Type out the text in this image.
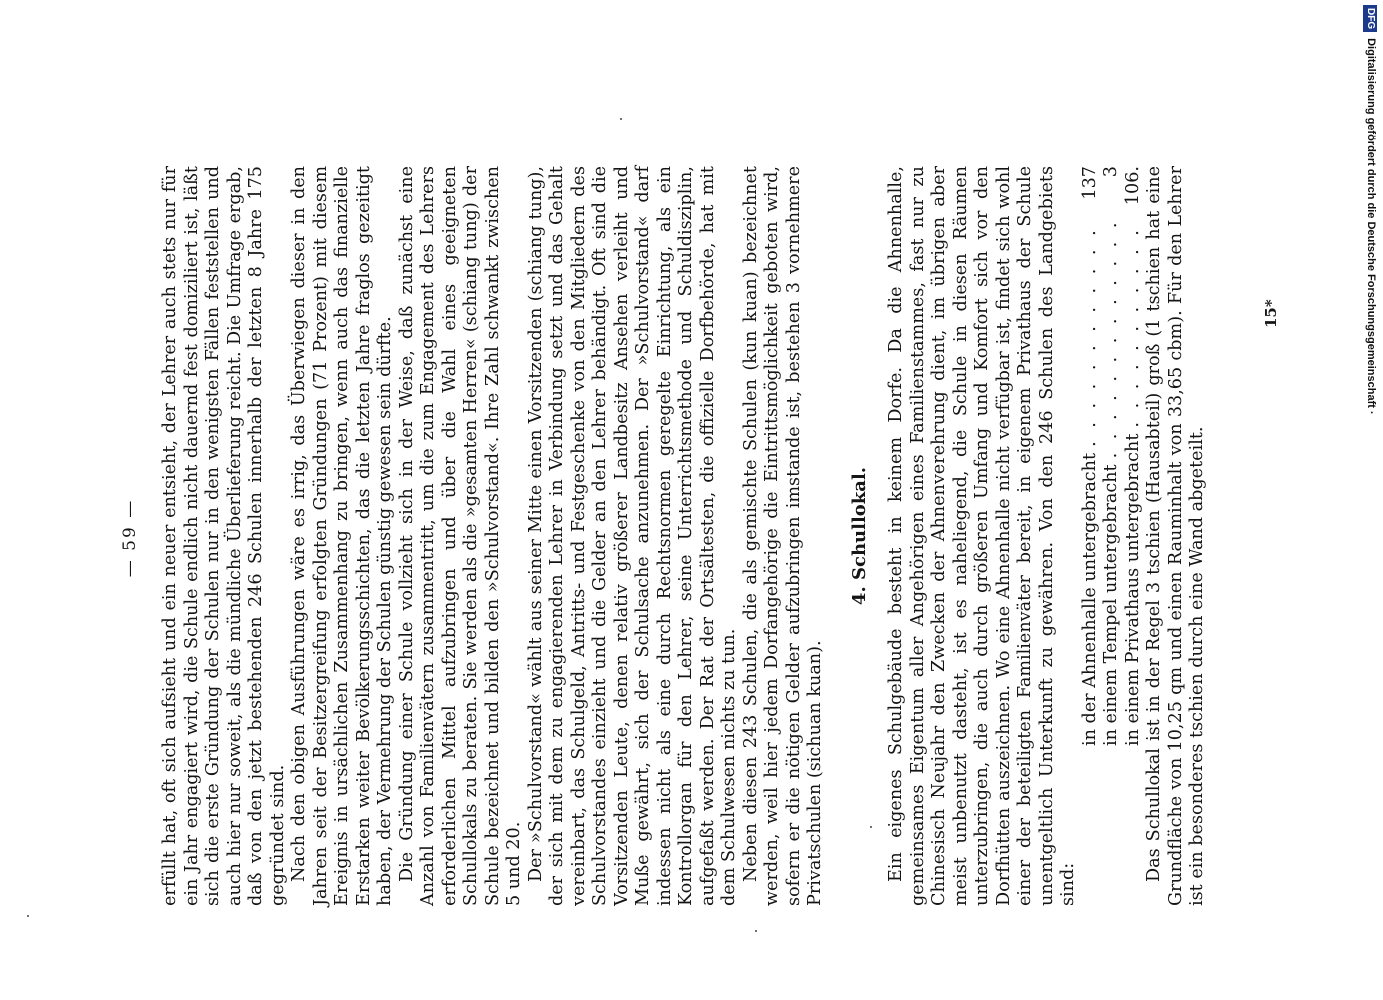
— 59 — erfüllt hat, oft sich aufsieht und ein neuer entsieht, der Lehrer auch stets nur für ein Jahr engagiert wird, die Schule endlich nicht dauernd fest domiziliert ist, läßt sich die erste Gründung der Schulen nur in den wenigsten Fällen feststellen und auch hier nur soweit, als die mündliche Überlieferung reicht. Die Umfrage ergab, daß von den jetzt bestehenden 246 Schulen innerhalb der letzten 8 Jahre 175 gegründet sind. Nach den obigen Ausführungen wäre es irrig, das Überwiegen dieser in den Jahren seit der Besitzergreifung erfolgten Gründungen (71 Prozent) mit diesem Ereignis in ursächlichen Zusammenhang zu bringen, wenn auch das finanzielle Erstarken weiter Bevölkerungsschichten, das die letzten Jahre fraglos gezeitigt haben, der Vermehrung der Schulen günstig gewesen sein dürfte. Die Gründung einer Schule vollzieht sich in der Weise, daß zunächst eine Anzahl von Familienvätern zusammentritt, um die zum Engagement des Lehrers erforderlichen Mittel aufzubringen und über die Wahl eines geeigneten Schullokals zu beraten. Sie werden als die »gesamten Herren« (schiang tung) der Schule bezeichnet und bilden den »Schulvorstand«. Ihre Zahl schwankt zwischen 5 und 20. Der »Schulvorstand« wählt aus seiner Mitte einen Vorsitzenden (schiang tung), der sich mit dem zu engagierenden Lehrer in Verbindung setzt und das Gehalt vereinbart, das Schulgeld, Antritts- und Festgeschenke von den Mitgliedern des Schulvorstandes einzieht und die Gelder an den Lehrer behändigt. Oft sind die Vorsitzenden Leute, denen relativ größerer Landbesitz Ansehen verleiht und Muße gewährt, sich der Schulsache anzunehmen. Der »Schulvorstand« darf indessen nicht als eine durch Rechtsnormen geregelte Einrichtung, als ein Kontrollorgan für den Lehrer, seine Unterrichtsmethode und Schuldisziplin, aufgefaßt werden. Der Rat der Ortsältesten, die offizielle Dorfbehörde, hat mit dem Schulwesen nichts zu tun. Neben diesen 243 Schulen, die als gemischte Schulen (kun kuan) bezeichnet werden, weil hier jedem Dorfangehörige die Eintrittsmöglichkeit geboten wird, sofern er die nötigen Gelder aufzubringen imstande ist, bestehen 3 vornehmere Privatschulen (sichuan kuan).

4. Schullokal. Ein eigenes Schulgebäude besteht in keinem Dorfe. Da die Ahnenhalle, gemeinsames Eigentum aller Angehörigen eines Familienstammes, fast nur zu Chinesisch Neujahr den Zwecken der Ahnenverehrung dient, im übrigen aber meist unbenutzt dasteht, ist es naheliegend, die Schule in diesen Räumen unterzubringen, die auch durch größeren Umfang und Komfort sich vor den Dorfhütten auszeichnen. Wo eine Ahnenhalle nicht verfügbar ist, findet sich wohl einer der beteiligten Familienväter bereit, in eigenem Privathaus der Schule unentgeltlich Unterkunft zu gewähren. Von den 246 Schulen des Landgebiets sind:

in der Ahnenhalle untergebracht
. . .
137
in einem Tempel untergebracht
. . .
3
in einem Privathaus untergebracht
. . .
106. Das Schullokal ist in der Regel 3 tschien (Hausabteil) groß (1 tschien hat eine Grundfläche von 10,25 qm und einen Rauminhalt von 33,65 cbm). Für den Lehrer ist ein besonderes tschien durch eine Wand abgeteilt.

15*
DFGDigitalisierung gefördert durch die Deutsche Forschungsgemeinschaft ·
